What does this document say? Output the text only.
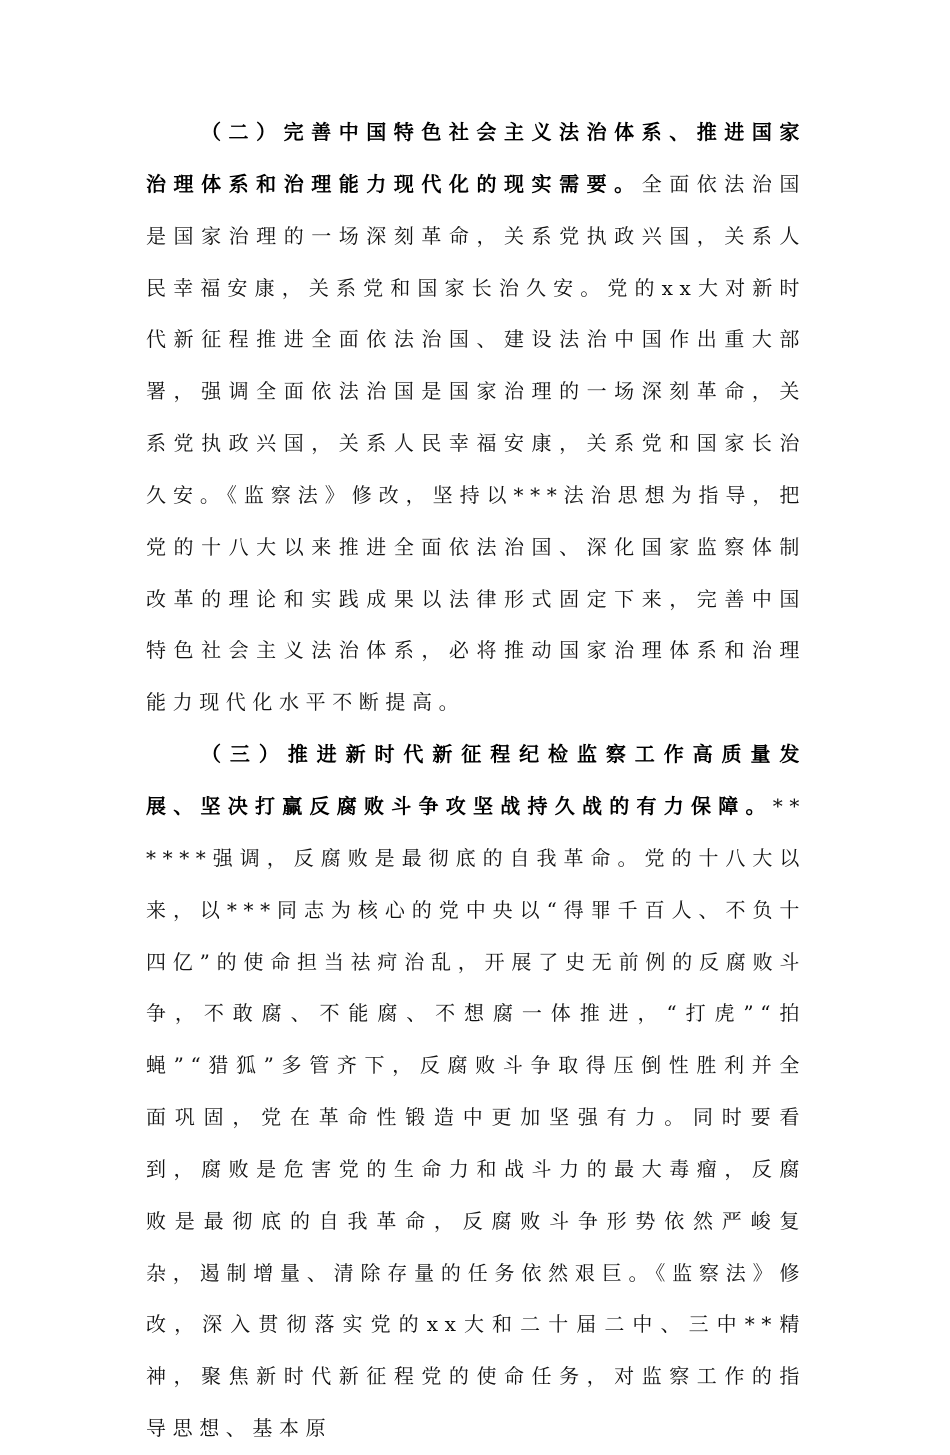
（二）完善中国特色社会主义法治体系、推进国家治理体系和治理能力现代化的现实需要。全面依法治国是国家治理的一场深刻革命，关系党执政兴国，关系人民幸福安康，关系党和国家长治久安。党的xx大对新时代新征程推进全面依法治国、建设法治中国作出重大部署，强调全面依法治国是国家治理的一场深刻革命，关系党执政兴国，关系人民幸福安康，关系党和国家长治久安。《监察法》修改，坚持以***法治思想为指导，把党的十八大以来推进全面依法治国、深化国家监察体制改革的理论和实践成果以法律形式固定下来，完善中国特色社会主义法治体系，必将推动国家治理体系和治理能力现代化水平不断提高。

（三）推进新时代新征程纪检监察工作高质量发展、坚决打赢反腐败斗争攻坚战持久战的有力保障。******强调，反腐败是最彻底的自我革命。党的十八大以来，以***同志为核心的党中央以“得罪千百人、不负十四亿”的使命担当祛疴治乱，开展了史无前例的反腐败斗争，不敢腐、不能腐、不想腐一体推进，“打虎”“拍蝇”“猎狐”多管齐下，反腐败斗争取得压倒性胜利并全面巩固，党在革命性锻造中更加坚强有力。同时要看到，腐败是危害党的生命力和战斗力的最大毒瘤，反腐败是最彻底的自我革命，反腐败斗争形势依然严峻复杂，遏制增量、清除存量的任务依然艰巨。《监察法》修改，深入贯彻落实党的xx大和二十届二中、三中**精神，聚焦新时代新征程党的使命任务，对监察工作的指导思想、基本原
